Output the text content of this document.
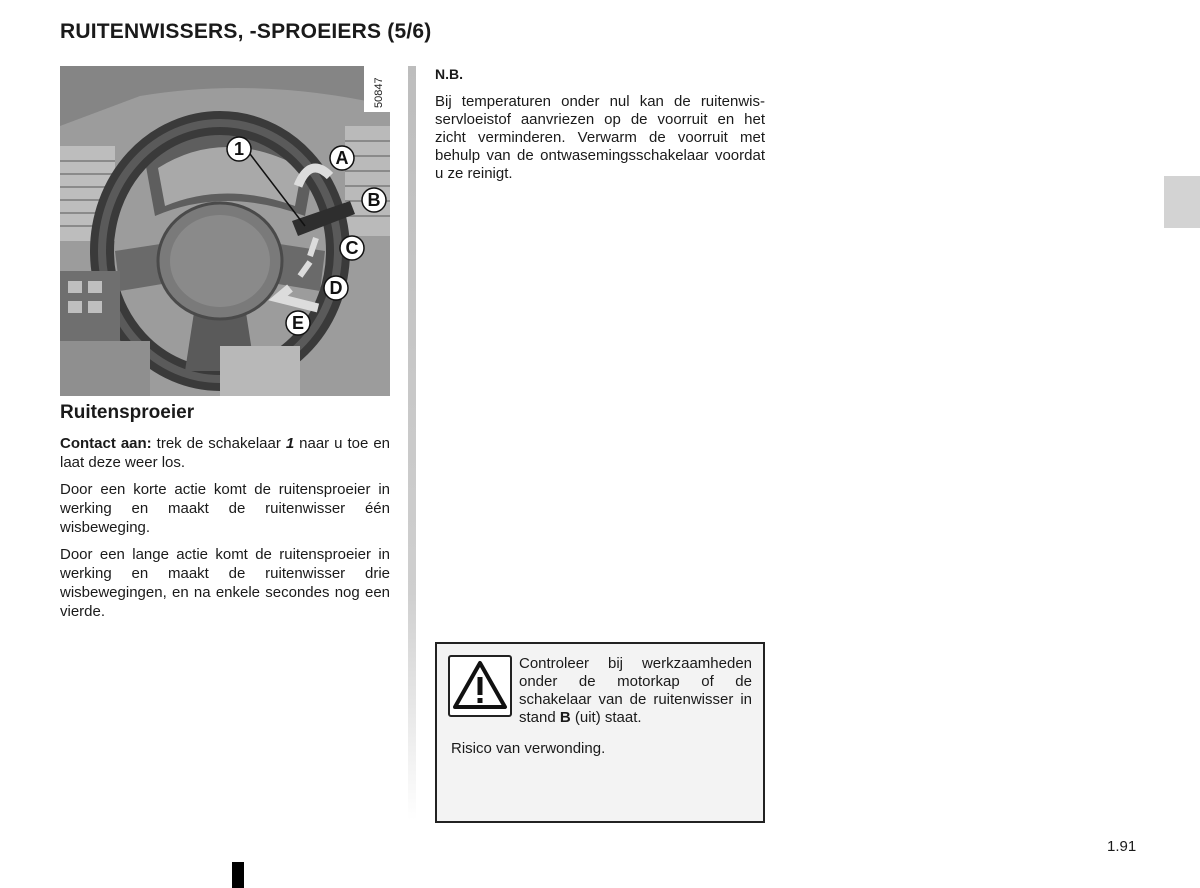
RUITENWISSERS, -SPROEIERS (5/6)
1	A
B
C
D
E
50847
Ruitensproeier

Contact aan: trek de schakelaar 1 naar u toe en laat deze weer los.

Door een korte actie komt de ruitensproeier in werking en maakt de ruitenwisser één wisbeweging.

Door een lange actie komt de ruitensproeier in werking en maakt de ruitenwisser drie wisbewegingen, en na enkele secondes nog een vierde.

N.B.

Bij temperaturen onder nul kan de ruitenwis-servloeistof aanvriezen op de voorruit en het zicht verminderen. Verwarm de voorruit met behulp van de ontwasemingsschakelaar voordat u ze reinigt.

Controleer bij werkzaamheden onder de motorkap of de schakelaar van de ruitenwisser in stand B (uit) staat.

Risico van verwonding.

1.91
